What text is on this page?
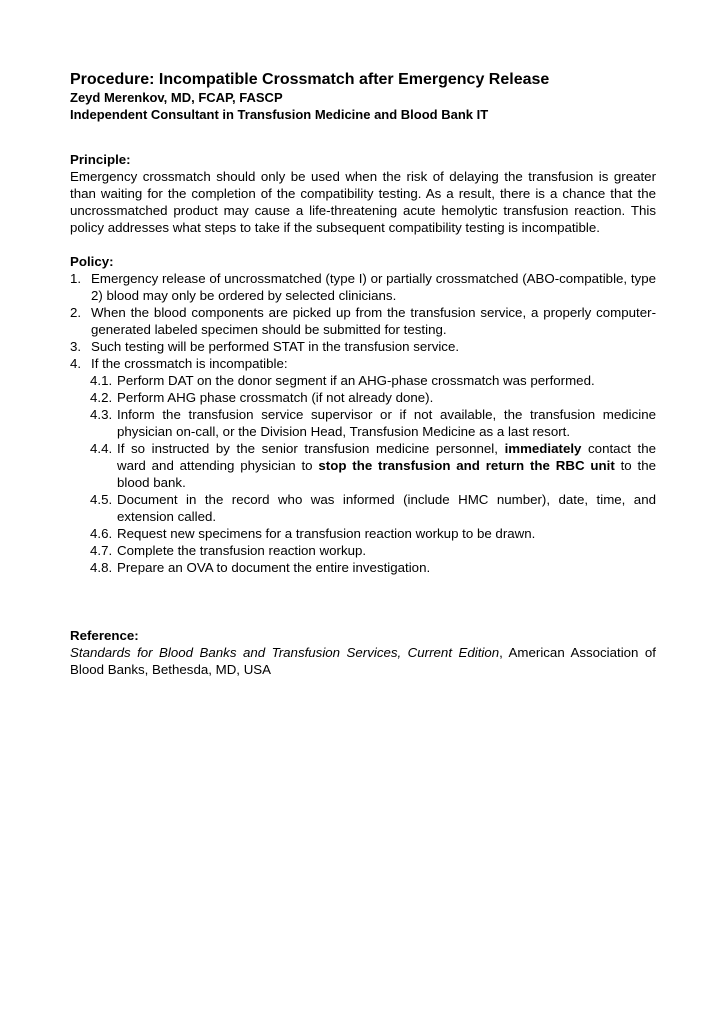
Procedure: Incompatible Crossmatch after Emergency Release

Zeyd Merenkov, MD, FCAP, FASCP

Independent Consultant in Transfusion Medicine and Blood Bank IT

Principle:

Emergency crossmatch should only be used when the risk of delaying the transfusion is greater than waiting for the completion of the compatibility testing. As a result, there is a chance that the uncrossmatched product may cause a life-threatening acute hemolytic transfusion reaction. This policy addresses what steps to take if the subsequent compatibility testing is incompatible.

Policy:

1. Emergency release of uncrossmatched (type I) or partially crossmatched (ABO-compatible, type 2) blood may only be ordered by selected clinicians.
2. When the blood components are picked up from the transfusion service, a properly computer-generated labeled specimen should be submitted for testing.
3. Such testing will be performed STAT in the transfusion service.
4. If the crossmatch is incompatible:
4.1. Perform DAT on the donor segment if an AHG-phase crossmatch was performed.
4.2. Perform AHG phase crossmatch (if not already done).
4.3. Inform the transfusion service supervisor or if not available, the transfusion medicine physician on-call, or the Division Head, Transfusion Medicine as a last resort.
4.4. If so instructed by the senior transfusion medicine personnel, immediately contact the ward and attending physician to stop the transfusion and return the RBC unit to the blood bank.
4.5. Document in the record who was informed (include HMC number), date, time, and extension called.
4.6. Request new specimens for a transfusion reaction workup to be drawn.
4.7. Complete the transfusion reaction workup.
4.8. Prepare an OVA to document the entire investigation.

Reference:

Standards for Blood Banks and Transfusion Services, Current Edition, American Association of Blood Banks, Bethesda, MD, USA
